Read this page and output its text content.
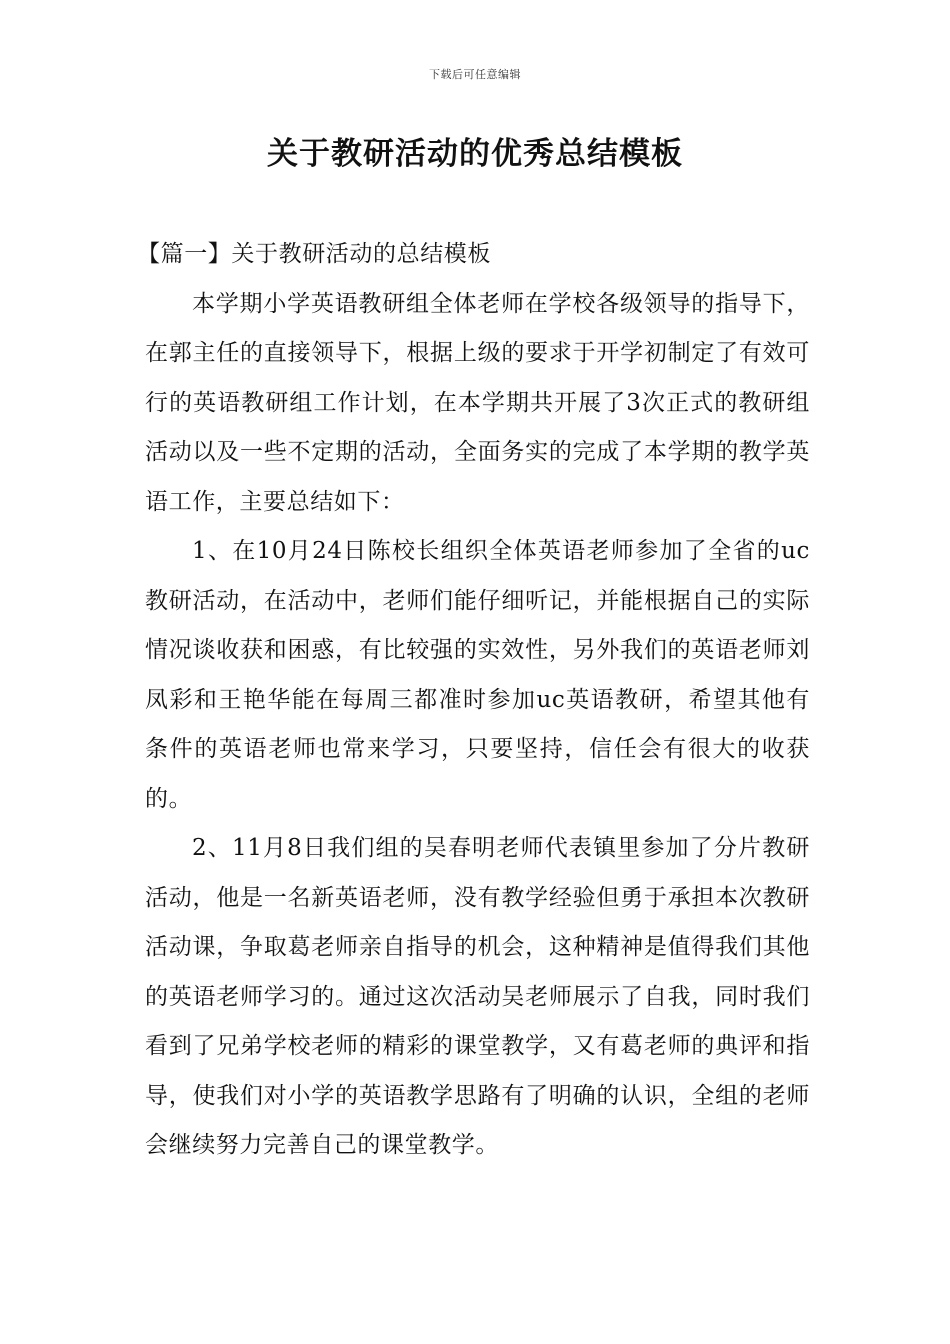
下载后可任意编辑
关于教研活动的优秀总结模板

【篇一】关于教研活动的总结模板

本学期小学英语教研组全体老师在学校各级领导的指导下，在郭主任的直接领导下，根据上级的要求于开学初制定了有效可行的英语教研组工作计划，在本学期共开展了3次正式的教研组活动以及一些不定期的活动，全面务实的完成了本学期的教学英语工作，主要总结如下：

1、在10月24日陈校长组织全体英语老师参加了全省的uc教研活动，在活动中，老师们能仔细听记，并能根据自己的实际情况谈收获和困惑，有比较强的实效性，另外我们的英语老师刘凤彩和王艳华能在每周三都准时参加uc英语教研，希望其他有条件的英语老师也常来学习，只要坚持，信任会有很大的收获的。

2、11月8日我们组的吴春明老师代表镇里参加了分片教研活动，他是一名新英语老师，没有教学经验但勇于承担本次教研活动课，争取葛老师亲自指导的机会，这种精神是值得我们其他的英语老师学习的。通过这次活动吴老师展示了自我，同时我们看到了兄弟学校老师的精彩的课堂教学，又有葛老师的典评和指导，使我们对小学的英语教学思路有了明确的认识，全组的老师会继续努力完善自己的课堂教学。
